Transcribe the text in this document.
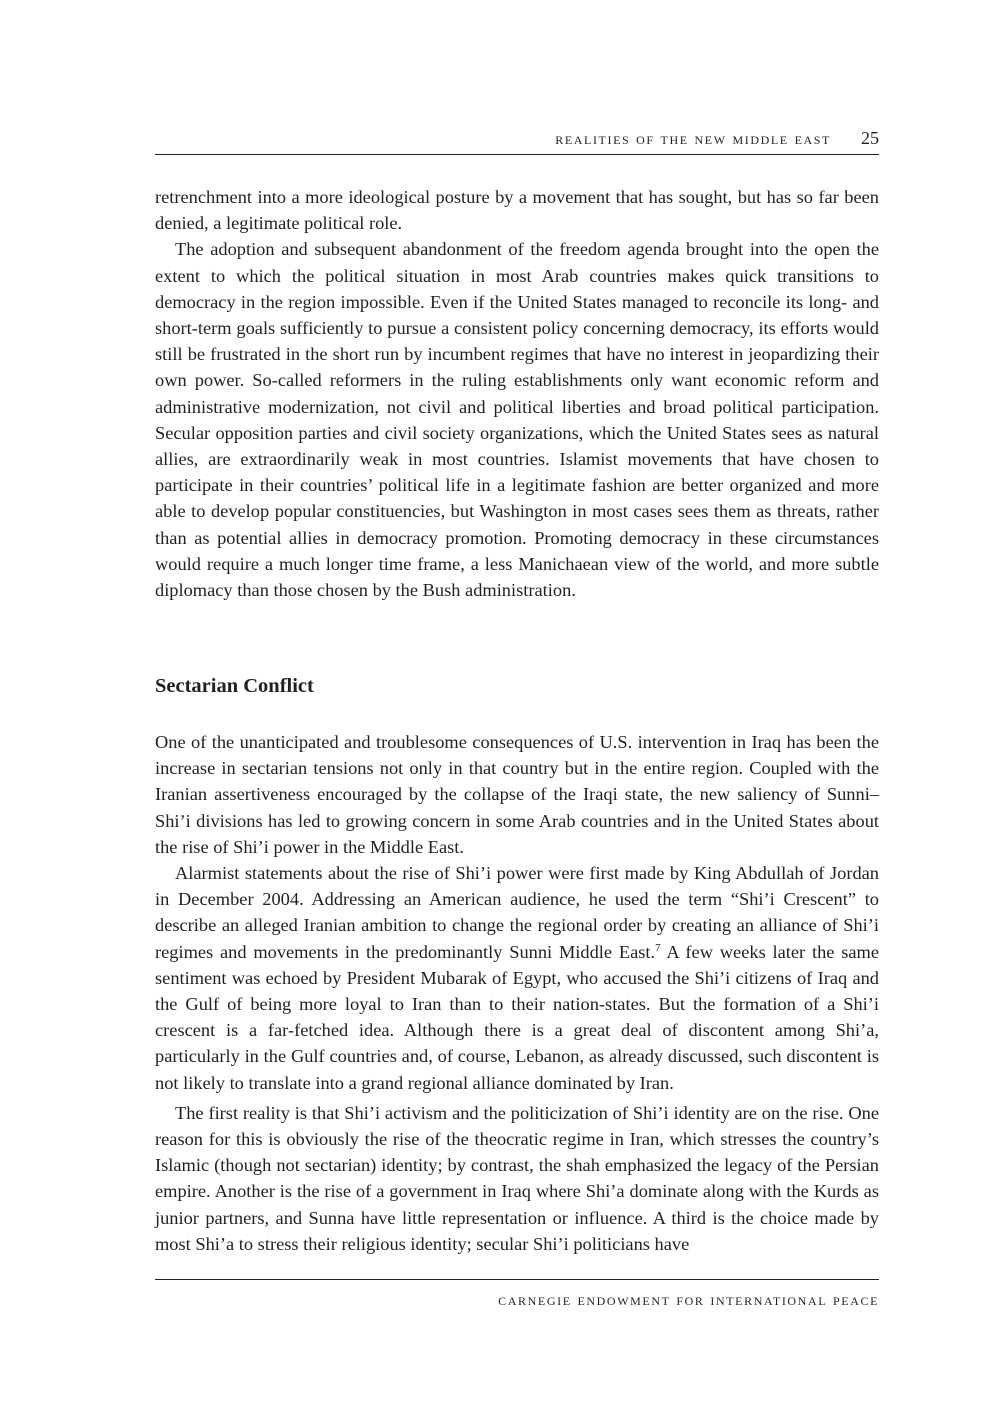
realities of the new middle east 25

retrenchment into a more ideological posture by a movement that has sought, but has so far been denied, a legitimate political role.

The adoption and subsequent abandonment of the freedom agenda brought into the open the extent to which the political situation in most Arab countries makes quick transitions to democracy in the region impossible. Even if the United States managed to reconcile its long- and short-term goals sufficiently to pursue a consistent policy concerning democracy, its efforts would still be frustrated in the short run by incumbent regimes that have no interest in jeopardizing their own power. So-called reformers in the ruling establishments only want economic reform and administrative modernization, not civil and political liberties and broad political participation. Secular opposition parties and civil society organizations, which the United States sees as natural allies, are extraordinarily weak in most countries. Islamist movements that have chosen to participate in their countries’ political life in a legitimate fashion are better organized and more able to develop popular constituencies, but Washington in most cases sees them as threats, rather than as potential allies in democracy promotion. Promoting democracy in these circumstances would require a much longer time frame, a less Manichaean view of the world, and more subtle diplomacy than those chosen by the Bush administration.

Sectarian Conflict

One of the unanticipated and troublesome consequences of U.S. intervention in Iraq has been the increase in sectarian tensions not only in that country but in the entire region. Coupled with the Iranian assertiveness encouraged by the collapse of the Iraqi state, the new saliency of Sunni–Shi’i divisions has led to growing concern in some Arab countries and in the United States about the rise of Shi’i power in the Middle East.

Alarmist statements about the rise of Shi’i power were first made by King Abdullah of Jordan in December 2004. Addressing an American audience, he used the term “Shi’i Crescent” to describe an alleged Iranian ambition to change the regional order by creating an alliance of Shi’i regimes and movements in the predominantly Sunni Middle East.$^7$ A few weeks later the same sentiment was echoed by President Mubarak of Egypt, who accused the Shi’i citizens of Iraq and the Gulf of being more loyal to Iran than to their nation-states. But the formation of a Shi’i crescent is a far-fetched idea. Although there is a great deal of discontent among Shi’a, particularly in the Gulf countries and, of course, Lebanon, as already discussed, such discontent is not likely to translate into a grand regional alliance dominated by Iran.

The first reality is that Shi’i activism and the politicization of Shi’i identity are on the rise. One reason for this is obviously the rise of the theocratic regime in Iran, which stresses the country’s Islamic (though not sectarian) identity; by contrast, the shah emphasized the legacy of the Persian empire. Another is the rise of a government in Iraq where Shi’a dominate along with the Kurds as junior partners, and Sunna have little representation or influence. A third is the choice made by most Shi’a to stress their religious identity; secular Shi’i politicians have

carnegie endowment for international peace
